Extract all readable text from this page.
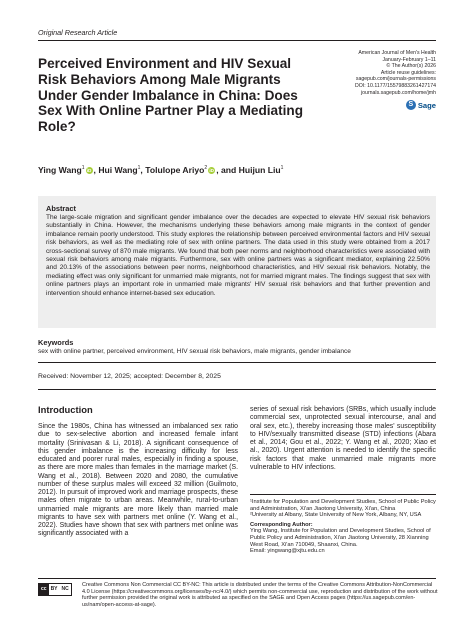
Original Research Article
Perceived Environment and HIV Sexual Risk Behaviors Among Male Migrants Under Gender Imbalance in China: Does Sex With Online Partner Play a Mediating Role?
American Journal of Men's Health
January-February 1–11
© The Author(s) 2026
Article reuse guidelines:
sagepub.com/journals-permissions
DOI: 10.1177/15579883261427174
journals.sagepub.com/home/jmh
S Sage
Ying Wang$^1$ iD , Hui Wang$^1$, Tolulope Ariyo$^2$ iD , and Huijun Liu$^1$
Abstract
The large-scale migration and significant gender imbalance over the decades are expected to elevate HIV sexual risk behaviors substantially in China. However, the mechanisms underlying these behaviors among male migrants in the context of gender imbalance remain poorly understood. This study explores the relationship between perceived environmental factors and HIV sexual risk behaviors, as well as the mediating role of sex with online partners. The data used in this study were obtained from a 2017 cross-sectional survey of 870 male migrants. We found that both peer norms and neighborhood characteristics were associated with sexual risk behaviors among male migrants. Furthermore, sex with online partners was a significant mediator, explaining 22.50% and 20.13% of the associations between peer norms, neighborhood characteristics, and HIV sexual risk behaviors. Notably, the mediating effect was only significant for unmarried male migrants, not for married migrant males. The findings suggest that sex with online partners plays an important role in unmarried male migrants' HIV sexual risk behaviors and that further prevention and intervention should enhance internet-based sex education.
Keywords
sex with online partner, perceived environment, HIV sexual risk behaviors, male migrants, gender imbalance
Received: November 12, 2025; accepted: December 8, 2025
Introduction

Since the 1980s, China has witnessed an imbalanced sex ratio due to sex-selective abortion and increased female infant mortality (Srinivasan & Li, 2018). A significant consequence of this gender imbalance is the increasing difficulty for less educated and poorer rural males, especially in finding a spouse, as there are more males than females in the marriage market (S. Wang et al., 2018). Between 2020 and 2080, the cumulative number of these surplus males will exceed 32 million (Guilmoto, 2012). In pursuit of improved work and marriage prospects, these males often migrate to urban areas. Meanwhile, rural-to-urban unmarried male migrants are more likely than married male migrants to have sex with partners met online (Y. Wang et al., 2022). Studies have shown that sex with partners met online was significantly associated with a

series of sexual risk behaviors (SRBs, which usually include commercial sex, unprotected sexual intercourse, anal and oral sex, etc.), thereby increasing those males' susceptibility to HIV/sexually transmitted disease (STD) infections (Abara et al., 2014; Gou et al., 2022; Y. Wang et al., 2020; Xiao et al., 2020). Urgent attention is needed to identify the specific risk factors that make unmarried male migrants more vulnerable to HIV infections.

¹Institute for Population and Development Studies, School of Public Policy and Administration, Xi'an Jiaotong University, Xi'an, China

²University at Albany, State University of New York, Albany, NY, USA

Corresponding Author:

Ying Wang, Institute for Population and Development Studies, School of Public Policy and Administration, Xi'an Jiaotong University, 28 Xianning West Road, Xi'an 710049, Shaanxi, China.

Email: yingwang@xjtu.edu.cn

cc BY NC
Creative Commons Non Commercial CC BY-NC: This article is distributed under the terms of the Creative Commons Attribution-NonCommercial 4.0 License (https://creativecommons.org/licenses/by-nc/4.0/) which permits non-commercial use, reproduction and distribution of the work without further permission provided the original work is attributed as specified on the SAGE and Open Access pages (https://us.sagepub.com/en-us/nam/open-access-at-sage).
